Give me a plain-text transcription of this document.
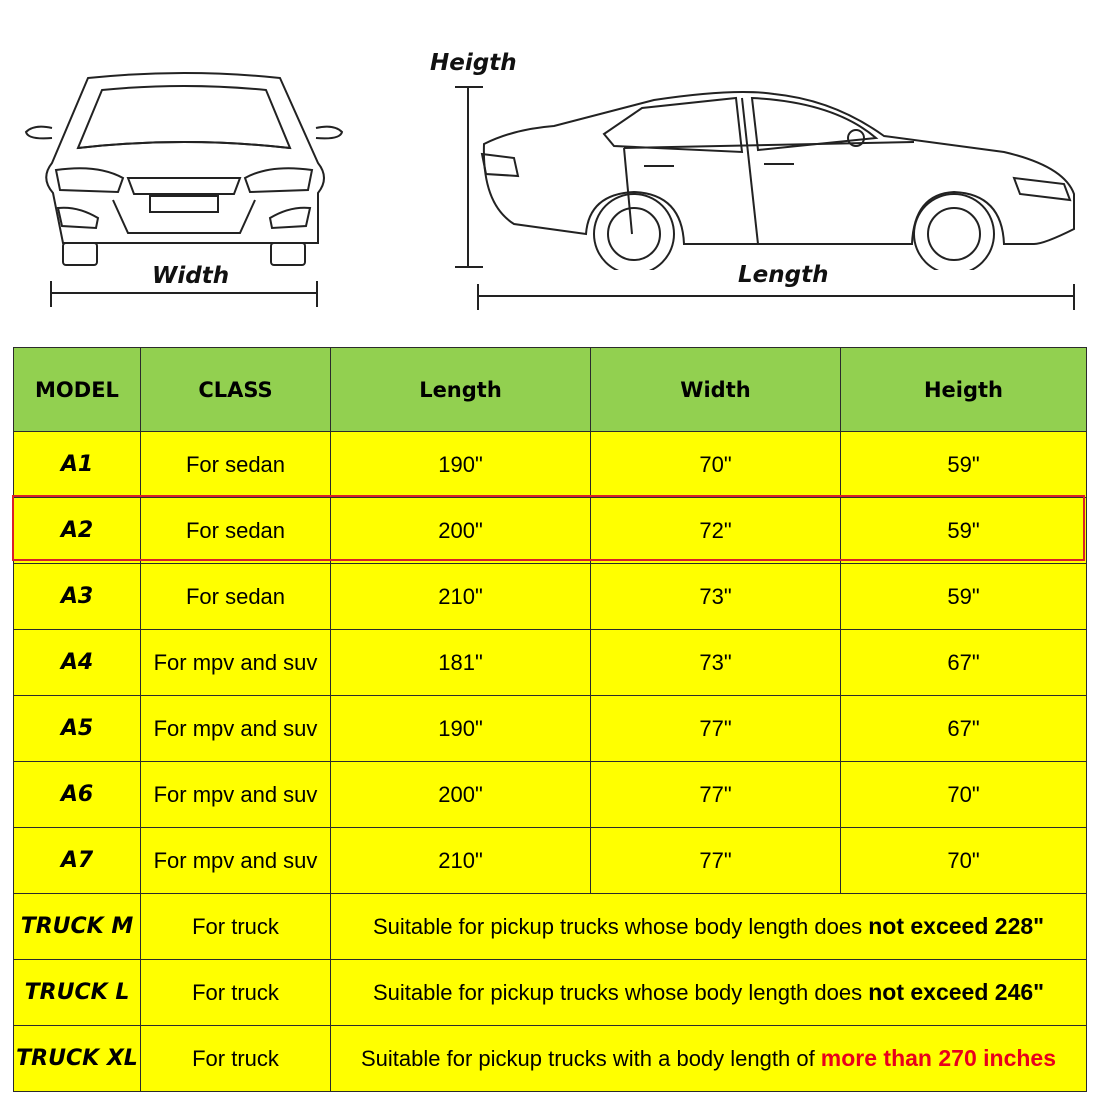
Width
Heigth
Length
MODEL	CLASS	Length	Width	Heigth
A1	For sedan	190"	70"	59"
A2	For sedan	200"	72"	59"
A3	For sedan	210"	73"	59"
A4	For mpv and suv	181"	73"	67"
A5	For mpv and suv	190"	77"	67"
A6	For mpv and suv	200"	77"	70"
A7	For mpv and suv	210"	77"	70"
TRUCK M	For truck	Suitable for pickup trucks whose body length does not exceed 228"		
TRUCK L	For truck	Suitable for pickup trucks whose body length does not exceed 246"		
TRUCK XL	For truck	Suitable for pickup trucks with a body length of more than 270 inches		
